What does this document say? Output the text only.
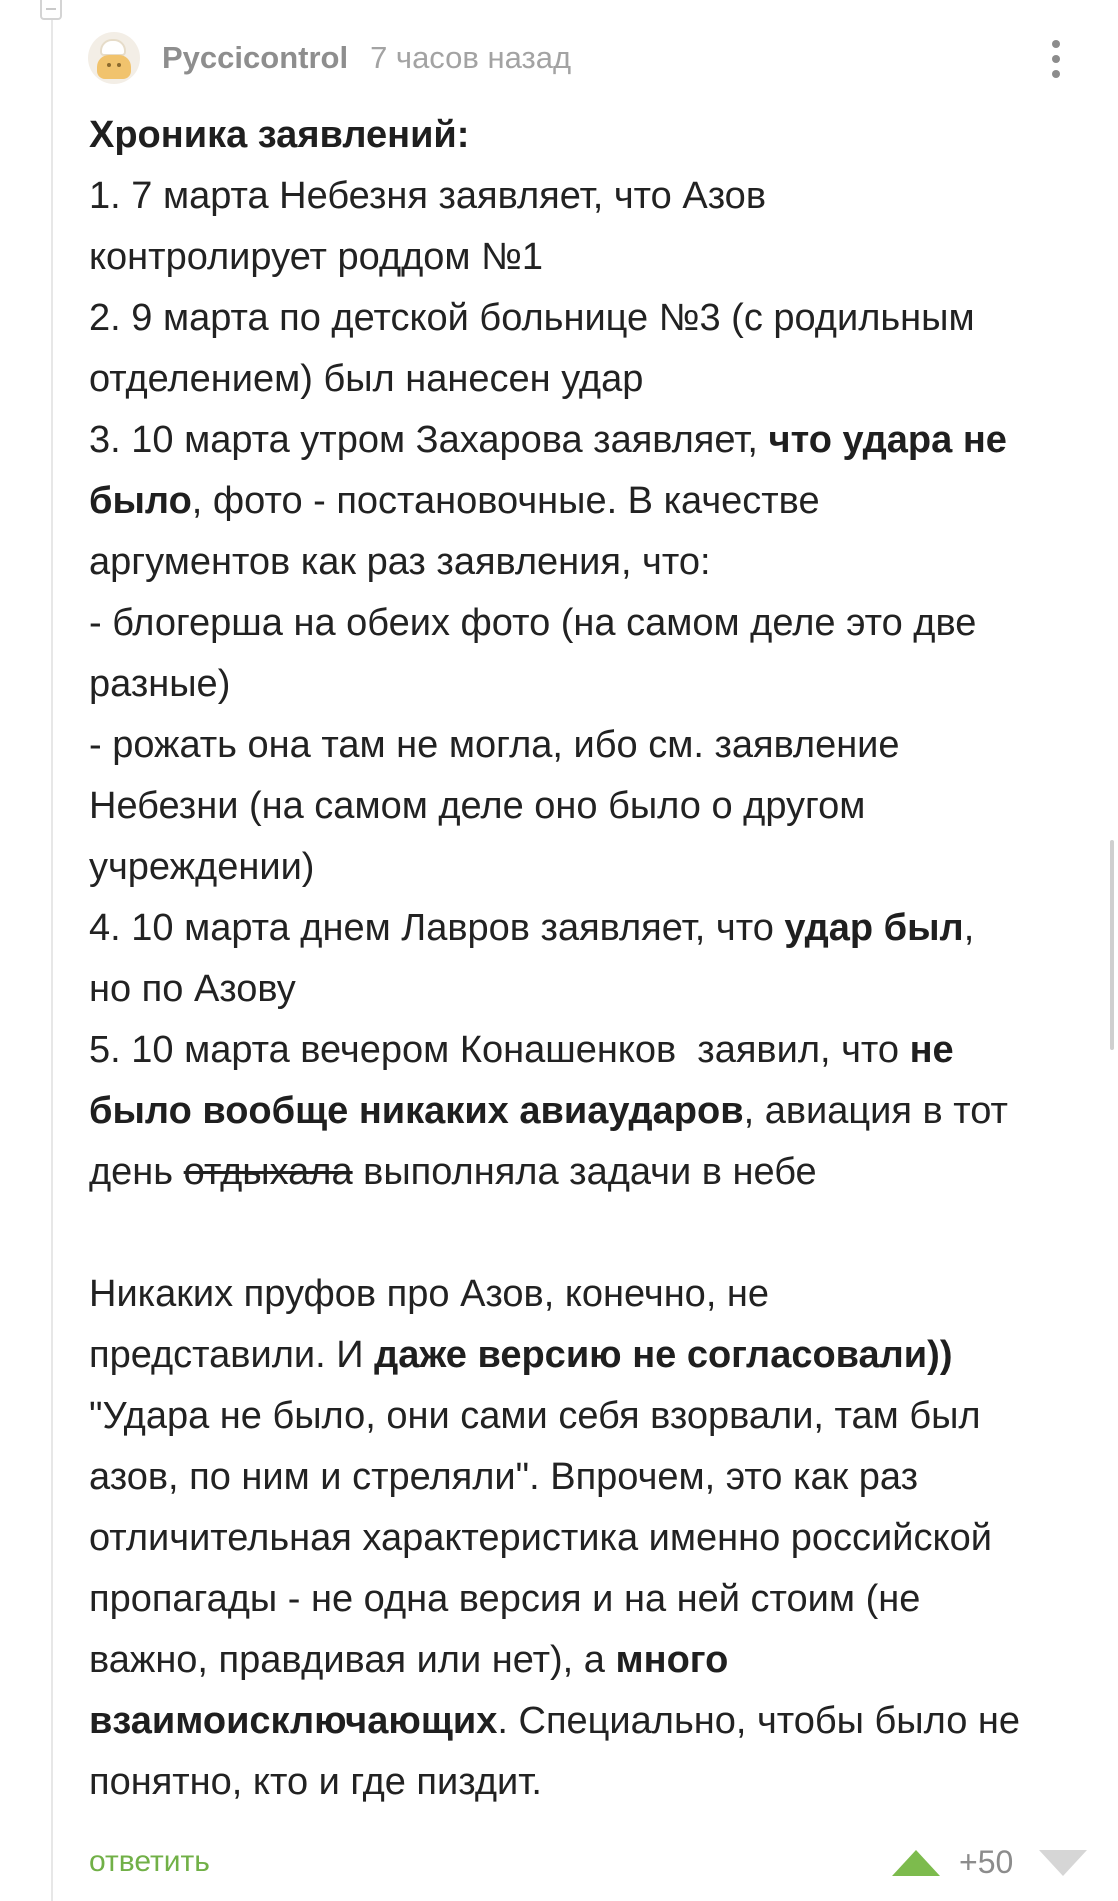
Pyccicontrol 7 часов назад
Хроника заявлений:
1. 7 марта Небезня заявляет, что Азов
контролирует роддом №1
2. 9 марта по детской больнице №3 (с родильным
отделением) был нанесен удар
3. 10 марта утром Захарова заявляет, что удара не
было, фото - постановочные. В качестве
аргументов как раз заявления, что:
- блогерша на обеих фото (на самом деле это две
разные)
- рожать она там не могла, ибо см. заявление
Небезни (на самом деле оно было о другом
учреждении)
4. 10 марта днем Лавров заявляет, что удар был,
но по Азову
5. 10 марта вечером Конашенков  заявил, что не
было вообще никаких авиаударов, авиация в тот
день отдыхала выполняла задачи в небе
Никаких пруфов про Азов, конечно, не
представили. И даже версию не согласовали))
"Удара не было, они сами себя взорвали, там был
азов, по ним и стреляли". Впрочем, это как раз
отличительная характеристика именно российской
пропагады - не одна версия и на ней стоим (не
важно, правдивая или нет), а много
взаимоисключающих. Специально, чтобы было не
понятно, кто и где пиздит.
ответить	+50
